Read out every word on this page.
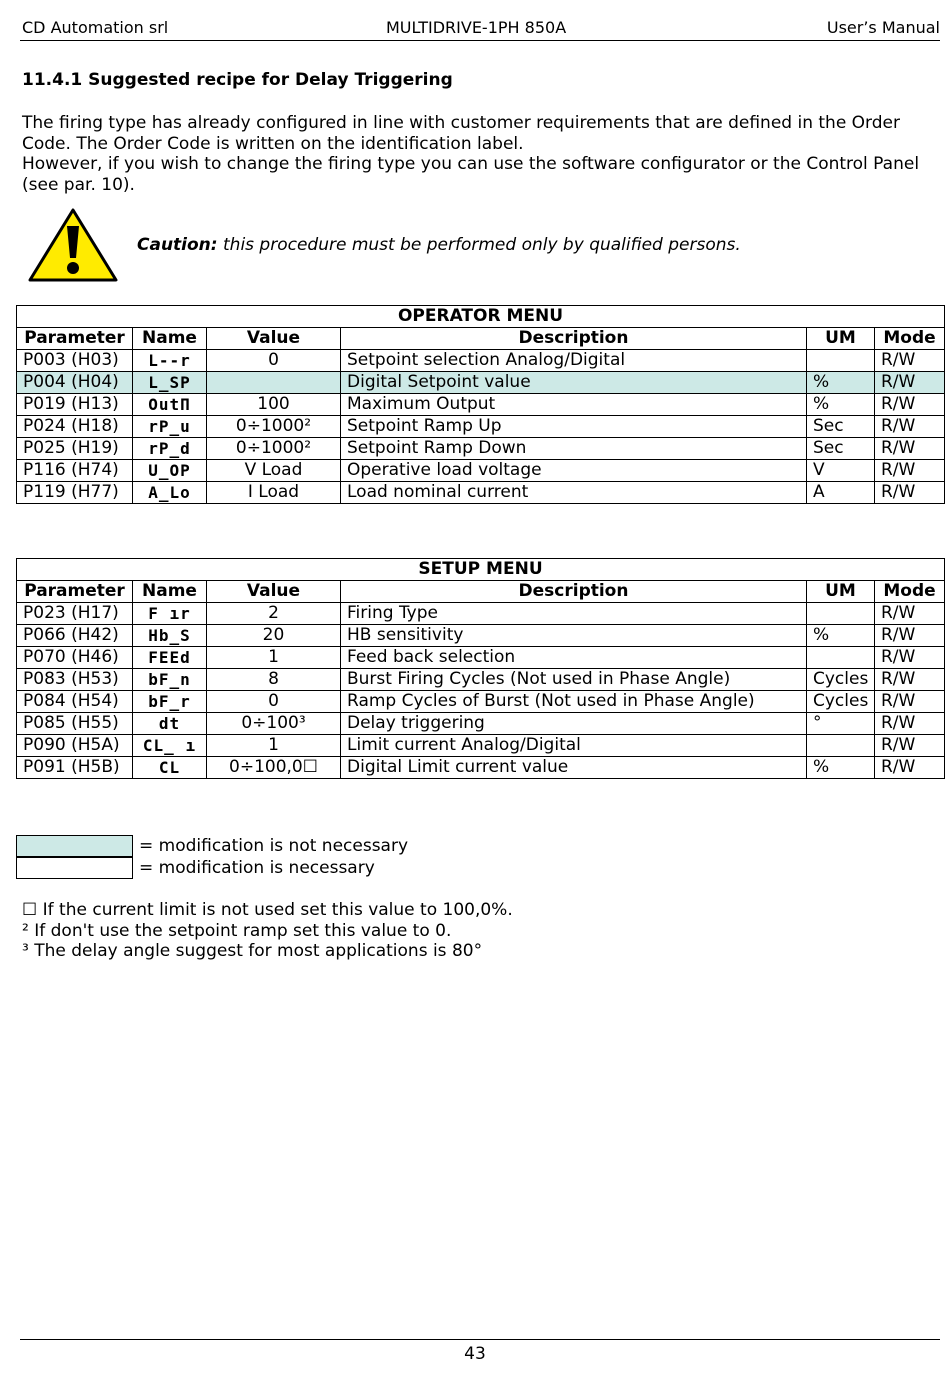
CD Automation srl	MULTIDRIVE-1PH 850A	User’s Manual
11.4.1 Suggested recipe for Delay Triggering
The firing type has already configured in line with customer requirements that are defined in the Order
Code. The Order Code is written on the identification label.
However, if you wish to change the firing type you can use the software configurator or the Control Panel
(see par. 10).
Caution: this procedure must be performed only by qualified persons.
OPERATOR MENU					
Parameter	Name	Value	Description	UM	Mode
P003 (H03)	L--r	0	Setpoint selection Analog/Digital		R/W
P004 (H04)	L_SP		Digital Setpoint value	%	R/W
P019 (H13)	OutΠ	100	Maximum Output	%	R/W
P024 (H18)	rP_u	0÷1000²	Setpoint Ramp Up	Sec	R/W
P025 (H19)	rP_d	0÷1000²	Setpoint Ramp Down	Sec	R/W
P116 (H74)	U_OP	V Load	Operative load voltage	V	R/W
P119 (H77)	A_Lo	I Load	Load nominal current	A	R/W
SETUP MENU					
Parameter	Name	Value	Description	UM	Mode
P023 (H17)	F ır	2	Firing Type		R/W
P066 (H42)	Hb_S	20	HB sensitivity	%	R/W
P070 (H46)	FEEd	1	Feed back selection		R/W
P083 (H53)	bF_n	8	Burst Firing Cycles (Not used in Phase Angle)	Cycles	R/W
P084 (H54)	bF_r	0	Ramp Cycles of Burst (Not used in Phase Angle)	Cycles	R/W
P085 (H55)	dt	0÷100³	Delay triggering	°	R/W
P090 (H5A)	CL_ ı	1	Limit current Analog/Digital		R/W
P091 (H5B)	CL	0÷100,0☐	Digital Limit current value	%	R/W
= modification is not necessary
= modification is necessary
☐ If the current limit is not used set this value to 100,0%.
² If don't use the setpoint ramp set this value to 0.
³ The delay angle suggest for most applications is 80°
43
